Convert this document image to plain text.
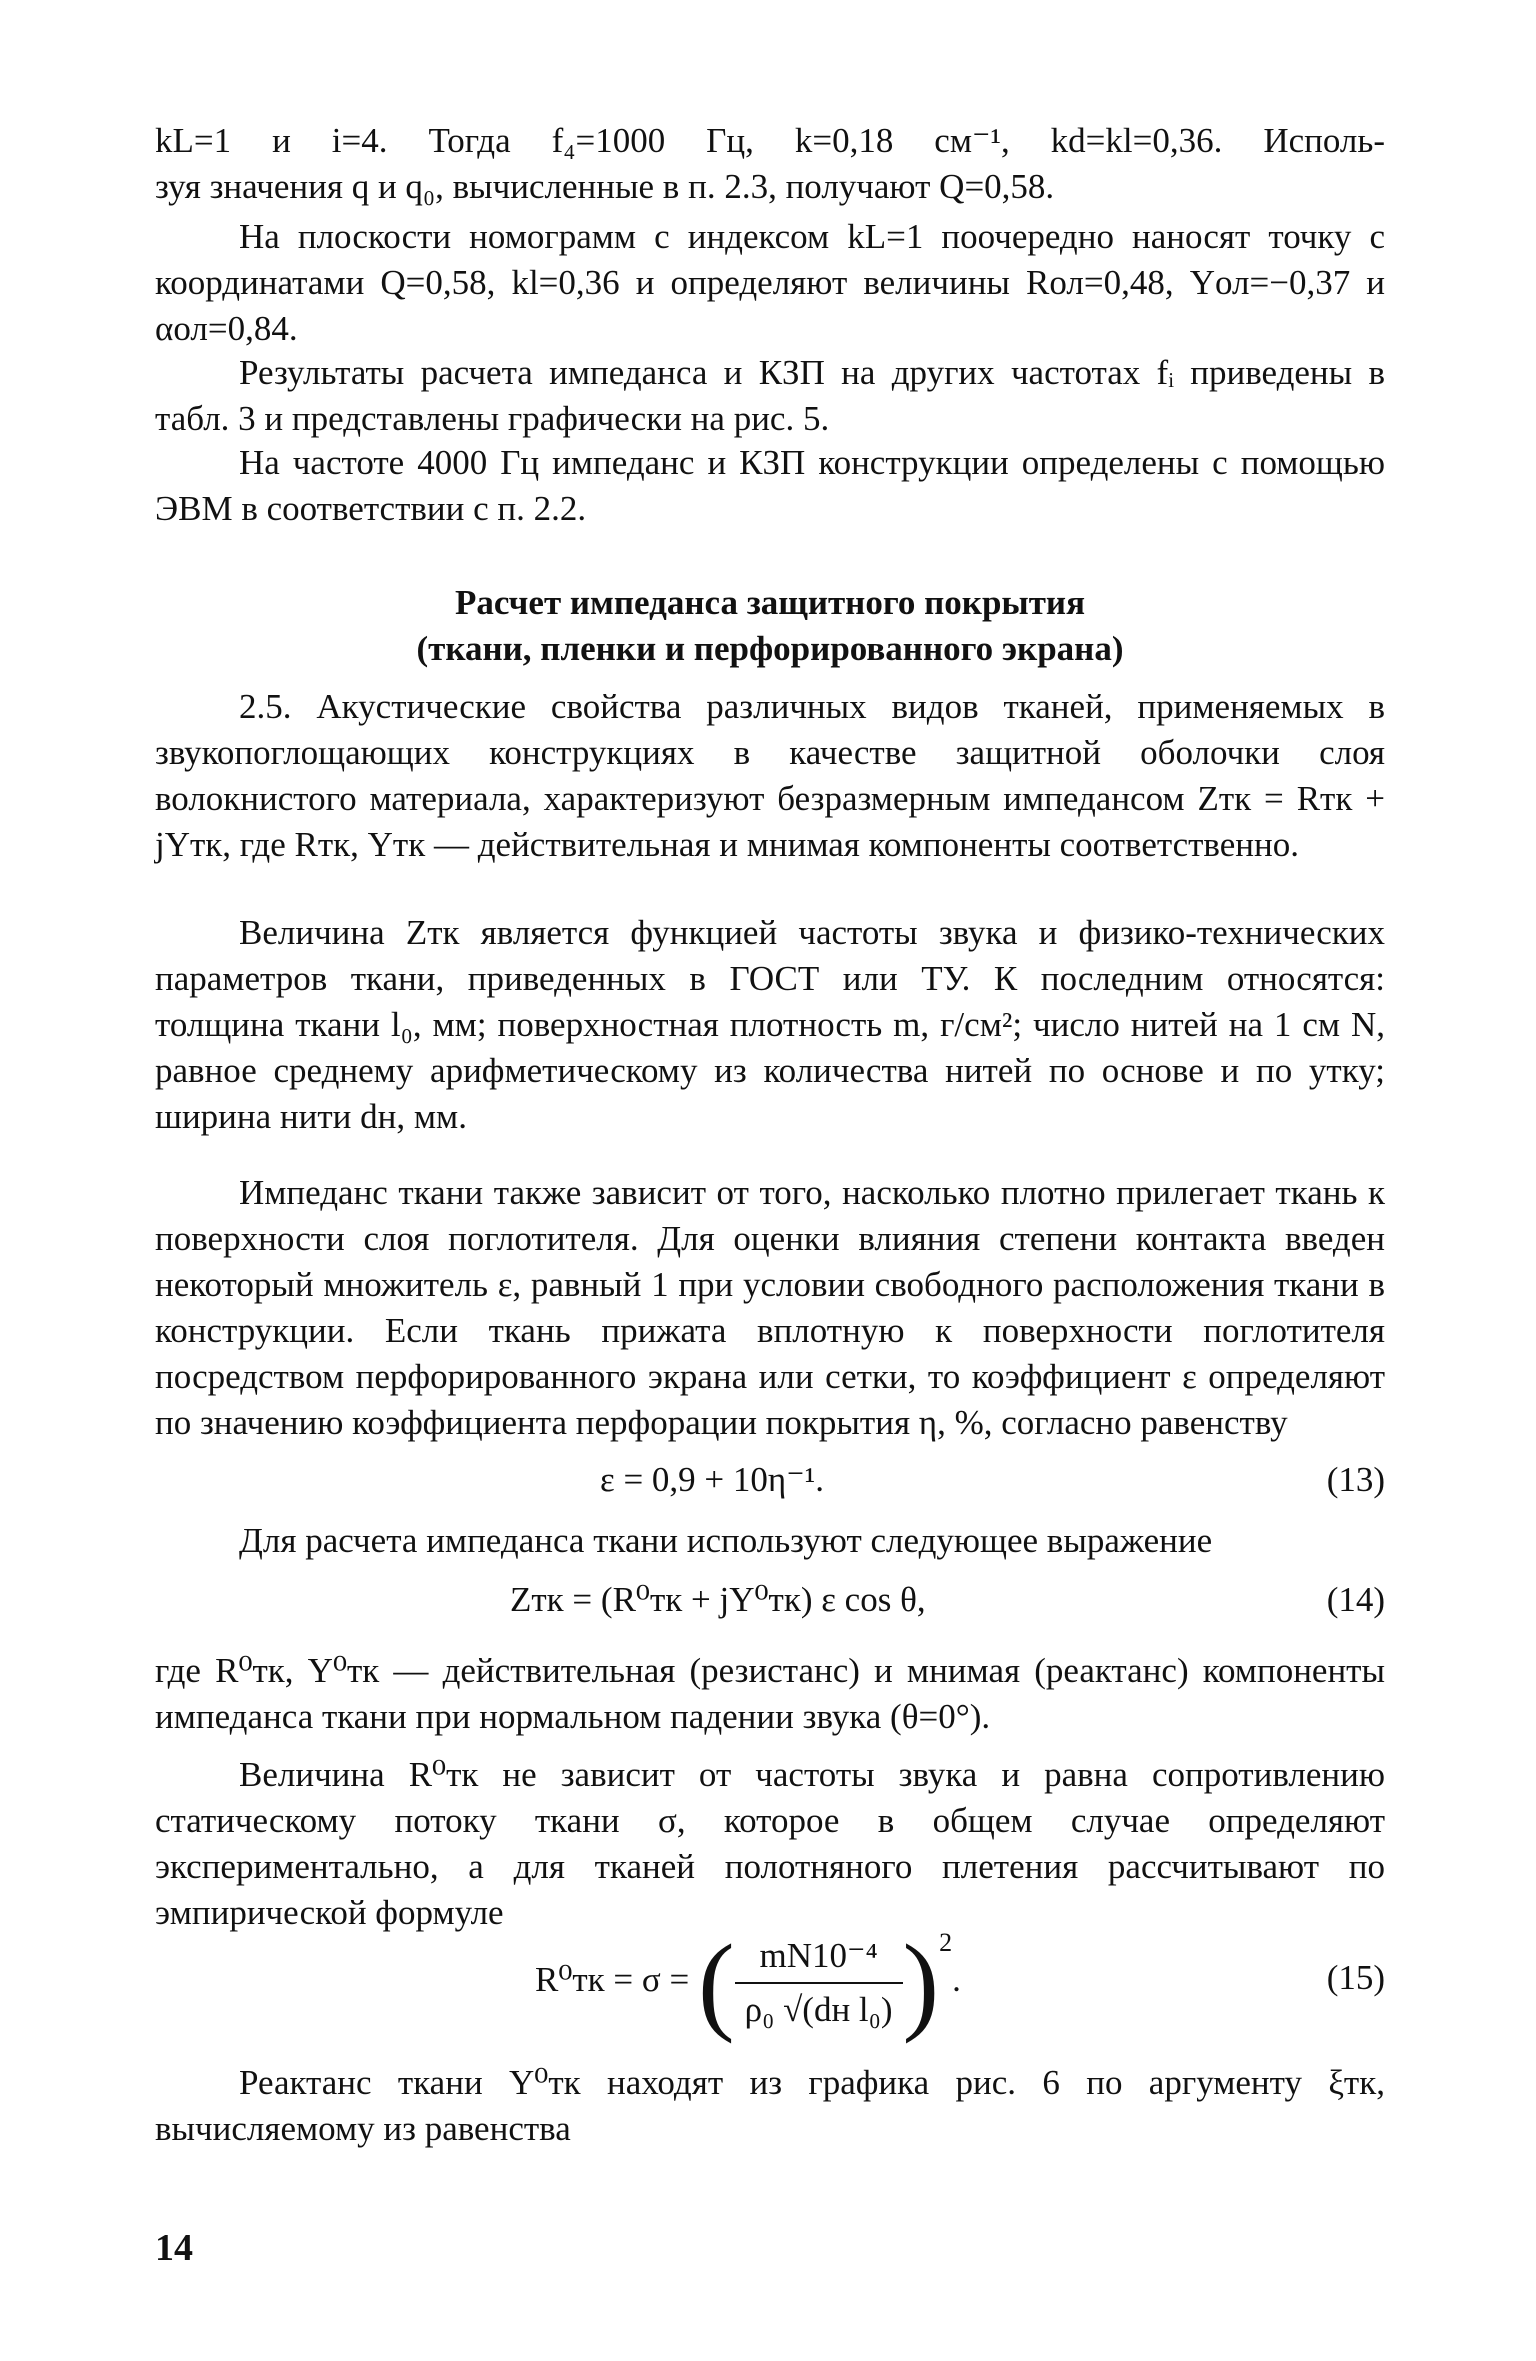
kL=1 и i=4. Тогда f₄=1000 Гц, k=0,18 см⁻¹, kd=kl=0,36. Исполь-

зуя значения q и q₀, вычисленные в п. 2.3, получают Q=0,58.

На плоскости номограмм с индексом kL=1 поочередно наносят точку с координатами Q=0,58, kl=0,36 и определяют величины Rол=0,48, Yол=−0,37 и αол=0,84.

Результаты расчета импеданса и КЗП на других частотах fᵢ приведены в табл. 3 и представлены графически на рис. 5.

На частоте 4000 Гц импеданс и КЗП конструкции определены с помощью ЭВМ в соответствии с п. 2.2.

Расчет импеданса защитного покрытия
(ткани, пленки и перфорированного экрана)

2.5. Акустические свойства различных видов тканей, применяемых в звукопоглощающих конструкциях в качестве защитной оболочки слоя волокнистого материала, характеризуют безразмерным импедансом Zтк = Rтк + jYтк, где Rтк, Yтк — действительная и мнимая компоненты соответственно.

Величина Zтк является функцией частоты звука и физико-технических параметров ткани, приведенных в ГОСТ или ТУ. К последним относятся: толщина ткани l₀, мм; поверхностная плотность m, г/см²; число нитей на 1 см N, равное среднему арифметическому из количества нитей по основе и по утку; ширина нити dн, мм.

Импеданс ткани также зависит от того, насколько плотно прилегает ткань к поверхности слоя поглотителя. Для оценки влияния степени контакта введен некоторый множитель ε, равный 1 при условии свободного расположения ткани в конструкции. Если ткань прижата вплотную к поверхности поглотителя посредством перфорированного экрана или сетки, то коэффициент ε определяют по значению коэффициента перфорации покрытия η, %, согласно равенству

ε = 0,9 + 10η⁻¹.	(13)

Для расчета импеданса ткани используют следующее выражение

Zтк = (R⁰тк + jY⁰тк) ε cos θ,	(14)

где R⁰тк, Y⁰тк — действительная (резистанс) и мнимая (реактанс) компоненты импеданса ткани при нормальном падении звука (θ=0°).

Величина R⁰тк не зависит от частоты звука и равна сопротивлению статическому потоку ткани σ, которое в общем случае определяют экспериментально, а для тканей полотняного плетения рассчитывают по эмпирической формуле

R⁰тк = σ = ( $\frac{\text{mN10⁻⁴}}{\text{ρ₀ √(dн l₀)}} )^2$.	(15)

Реактанс ткани Y⁰тк находят из графика рис. 6 по аргументу ξтк, вычисляемому из равенства

14
